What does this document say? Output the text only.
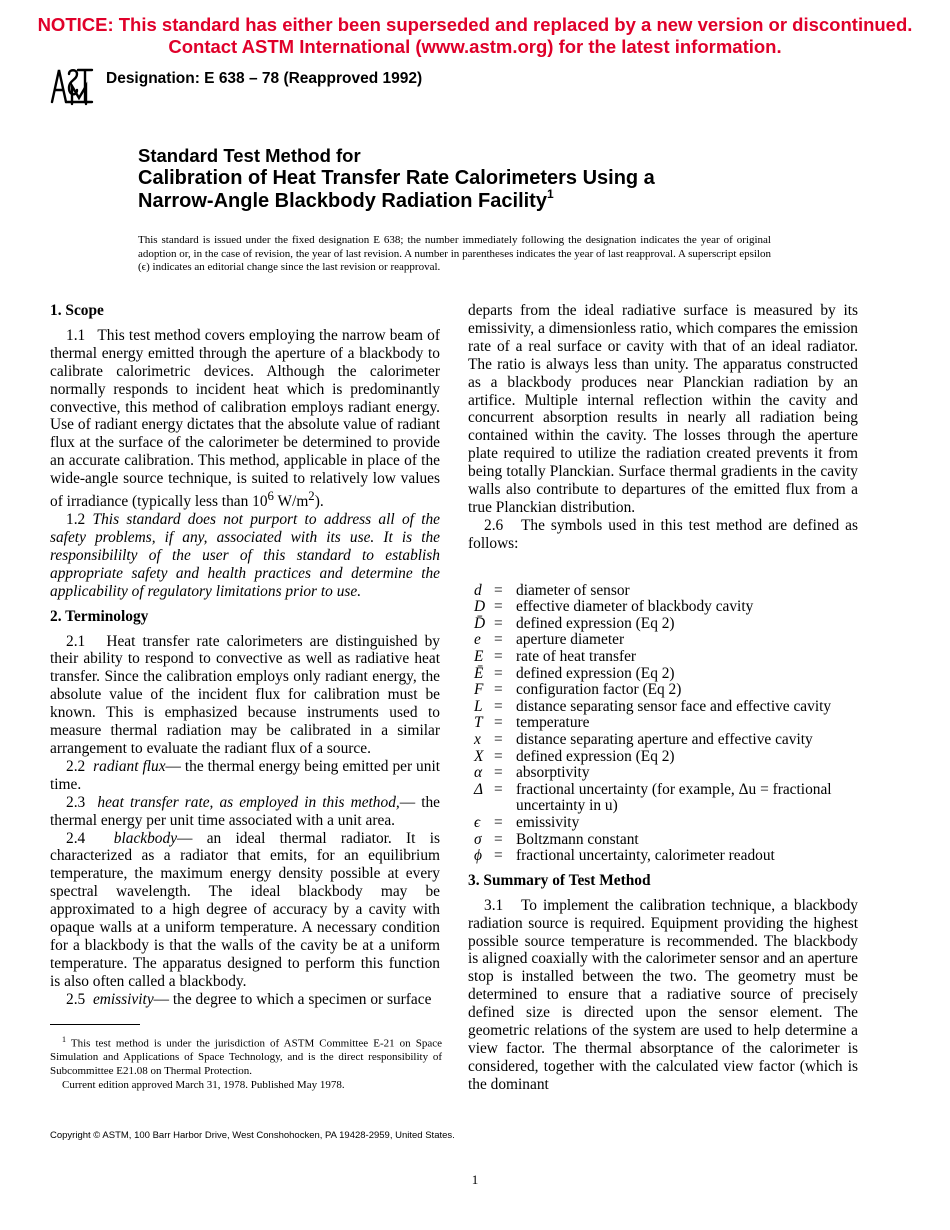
NOTICE: This standard has either been superseded and replaced by a new version or discontinued.
Contact ASTM International (www.astm.org) for the latest information.
Designation: E 638 – 78 (Reapproved 1992)
Standard Test Method for
Calibration of Heat Transfer Rate Calorimeters Using a
Narrow-Angle Blackbody Radiation Facility$^1$
This standard is issued under the fixed designation E 638; the number immediately following the designation indicates the year of original adoption or, in the case of revision, the year of last revision. A number in parentheses indicates the year of last reapproval. A superscript epsilon (ϵ) indicates an editorial change since the last revision or reapproval.
1. Scope

1.1 This test method covers employing the narrow beam of thermal energy emitted through the aperture of a blackbody to calibrate calorimetric devices. Although the calorimeter normally responds to incident heat which is predominantly convective, this method of calibration employs radiant energy. Use of radiant energy dictates that the absolute value of radiant flux at the surface of the calorimeter be determined to provide an accurate calibration. This method, applicable in place of the wide-angle source technique, is suited to relatively low values of irradiance (typically less than $10^6$ $W/m^2$).

1.2 This standard does not purport to address all of the safety problems, if any, associated with its use. It is the responsibililty of the user of this standard to establish appropriate safety and health practices and determine the applicability of regulatory limitations prior to use.

2. Terminology

2.1 Heat transfer rate calorimeters are distinguished by their ability to respond to convective as well as radiative heat transfer. Since the calibration employs only radiant energy, the absolute value of the incident flux for calibration must be known. This is emphasized because instruments used to measure thermal radiation may be calibrated in a similar arrangement to evaluate the radiant flux of a source.

2.2 radiant flux— the thermal energy being emitted per unit time.

2.3 heat transfer rate, as employed in this method,— the thermal energy per unit time associated with a unit area.

2.4 blackbody— an ideal thermal radiator. It is characterized as a radiator that emits, for an equilibrium temperature, the maximum energy density possible at every spectral wavelength. The ideal blackbody may be approximated to a high degree of accuracy by a cavity with opaque walls at a uniform temperature. A necessary condition for a blackbody is that the walls of the cavity be at a uniform temperature. The apparatus designed to perform this function is also often called a blackbody.

2.5 emissivity— the degree to which a specimen or surface

$^1$ This test method is under the jurisdiction of ASTM Committee E-21 on Space Simulation and Applications of Space Technology, and is the direct responsibility of Subcommittee E21.08 on Thermal Protection.

Current edition approved March 31, 1978. Published May 1978.

departs from the ideal radiative surface is measured by its emissivity, a dimensionless ratio, which compares the emission rate of a real surface or cavity with that of an ideal radiator. The ratio is always less than unity. The apparatus constructed as a blackbody produces near Planckian radiation by an artifice. Multiple internal reflection within the cavity and concurrent absorption results in nearly all radiation being contained within the cavity. The losses through the aperture plate required to utilize the radiation created prevents it from being totally Planckian. Surface thermal gradients in the cavity walls also contribute to departures of the emitted flux from a true Planckian distribution.

2.6 The symbols used in this test method are defined as follows:

d	=	diameter of sensor
D	=	effective diameter of blackbody cavity
D̄	=	defined expression (Eq 2)
e	=	aperture diameter
E	=	rate of heat transfer
Ē	=	defined expression (Eq 2)
F	=	configuration factor (Eq 2)
L	=	distance separating sensor face and effective cavity
T	=	temperature
x	=	distance separating aperture and effective cavity
X	=	defined expression (Eq 2)
α	=	absorptivity
Δ	=	fractional uncertainty (for example, Δu = fractional uncertainty in u)
ϵ	=	emissivity
σ	=	Boltzmann constant
ϕ	=	fractional uncertainty, calorimeter readout
3. Summary of Test Method

3.1 To implement the calibration technique, a blackbody radiation source is required. Equipment providing the highest possible source temperature is recommended. The blackbody is aligned coaxially with the calorimeter sensor and an aperture stop is installed between the two. The geometry must be determined to ensure that a radiative source of precisely defined size is directed upon the sensor element. The geometric relations of the system are used to help determine a view factor. The thermal absorptance of the calorimeter is considered, together with the calculated view factor (which is the dominant

Copyright © ASTM, 100 Barr Harbor Drive, West Conshohocken, PA 19428-2959, United States.
1
